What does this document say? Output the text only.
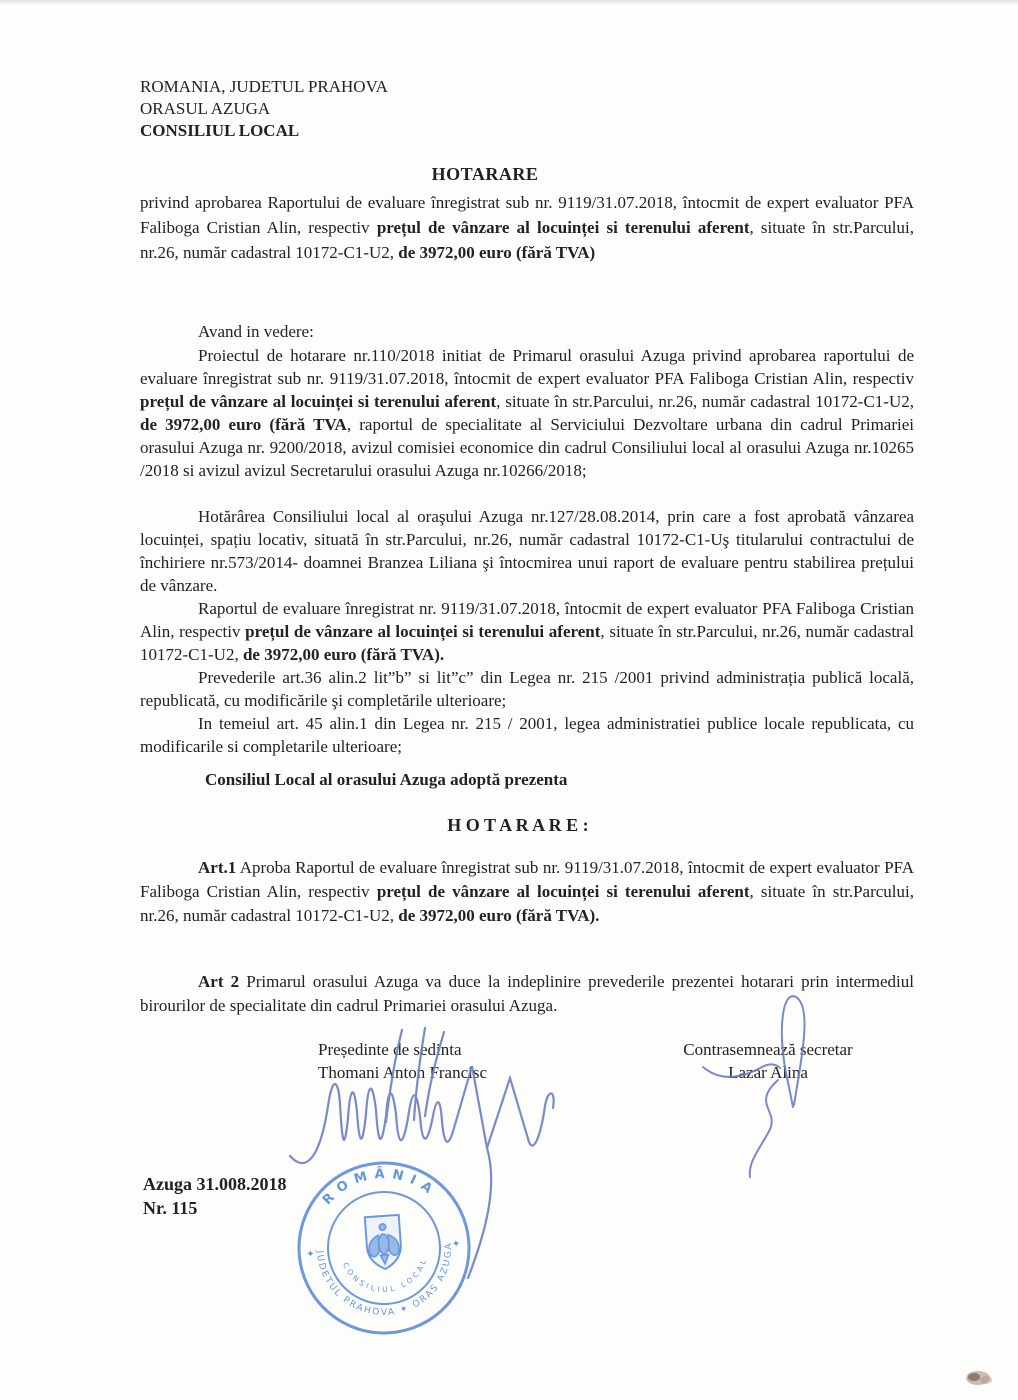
ROMANIA, JUDETUL PRAHOVA
ORASUL AZUGA
CONSILIUL LOCAL
HOTARARE

privind aprobarea Raportului de evaluare înregistrat sub nr. 9119/31.07.2018, întocmit de expert evaluator PFA Faliboga Cristian Alin, respectiv prețul de vânzare al locuinței si terenului aferent, situate în str.Parcului, nr.26, număr cadastral 10172-C1-U2, de 3972,00 euro (fără TVA)

Avand in vedere:

Proiectul de hotarare nr.110/2018 initiat de Primarul orasului Azuga privind aprobarea raportului de evaluare înregistrat sub nr. 9119/31.07.2018, întocmit de expert evaluator PFA Faliboga Cristian Alin, respectiv prețul de vânzare al locuinței si terenului aferent, situate în str.Parcului, nr.26, număr cadastral 10172-C1-U2, de 3972,00 euro (fără TVA, raportul de specialitate al Serviciului Dezvoltare urbana din cadrul Primariei orasului Azuga nr. 9200/2018, avizul comisiei economice din cadrul Consiliului local al orasului Azuga nr.10265 /2018 si avizul avizul Secretarului orasului Azuga nr.10266/2018;

Hotărârea Consiliului local al oraşului Azuga nr.127/28.08.2014, prin care a fost aprobată vânzarea locuinței, spațiu locativ, situată în str.Parcului, nr.26, număr cadastral 10172-C1-Uş titularului contractului de închiriere nr.573/2014- doamnei Branzea Liliana şi întocmirea unui raport de evaluare pentru stabilirea prețului de vânzare.

Raportul de evaluare înregistrat nr. 9119/31.07.2018, întocmit de expert evaluator PFA Faliboga Cristian Alin, respectiv prețul de vânzare al locuinței si terenului aferent, situate în str.Parcului, nr.26, număr cadastral 10172-C1-U2, de 3972,00 euro (fără TVA).

Prevederile art.36 alin.2 lit”b” si lit”c” din Legea nr. 215 /2001 privind administrația publică locală, republicată, cu modificările şi completările ulterioare;

In temeiul art. 45 alin.1 din Legea nr. 215 / 2001, legea administratiei publice locale republicata, cu modificarile si completarile ulterioare;

Consiliul Local al orasului Azuga adoptă prezenta
H O T A R A R E :

Art.1 Aproba Raportul de evaluare înregistrat sub nr. 9119/31.07.2018, întocmit de expert evaluator PFA Faliboga Cristian Alin, respectiv prețul de vânzare al locuinței si terenului aferent, situate în str.Parcului, nr.26, număr cadastral 10172-C1-U2, de 3972,00 euro (fără TVA).

Art 2 Primarul orasului Azuga va duce la indeplinire prevederile prezentei hotarari prin intermediul birourilor de specialitate din cadrul Primariei orasului Azuga.

Președinte de sedinta
Thomani Anton Francisc
Contrasemnează secretar
Lazar Alina
Azuga 31.008.2018
Nr. 115	ROMÂNIA
JUDETUL PRAHOVA ✦ ORAS AZUGA
CONSILIUL LOCAL
✦
✦
